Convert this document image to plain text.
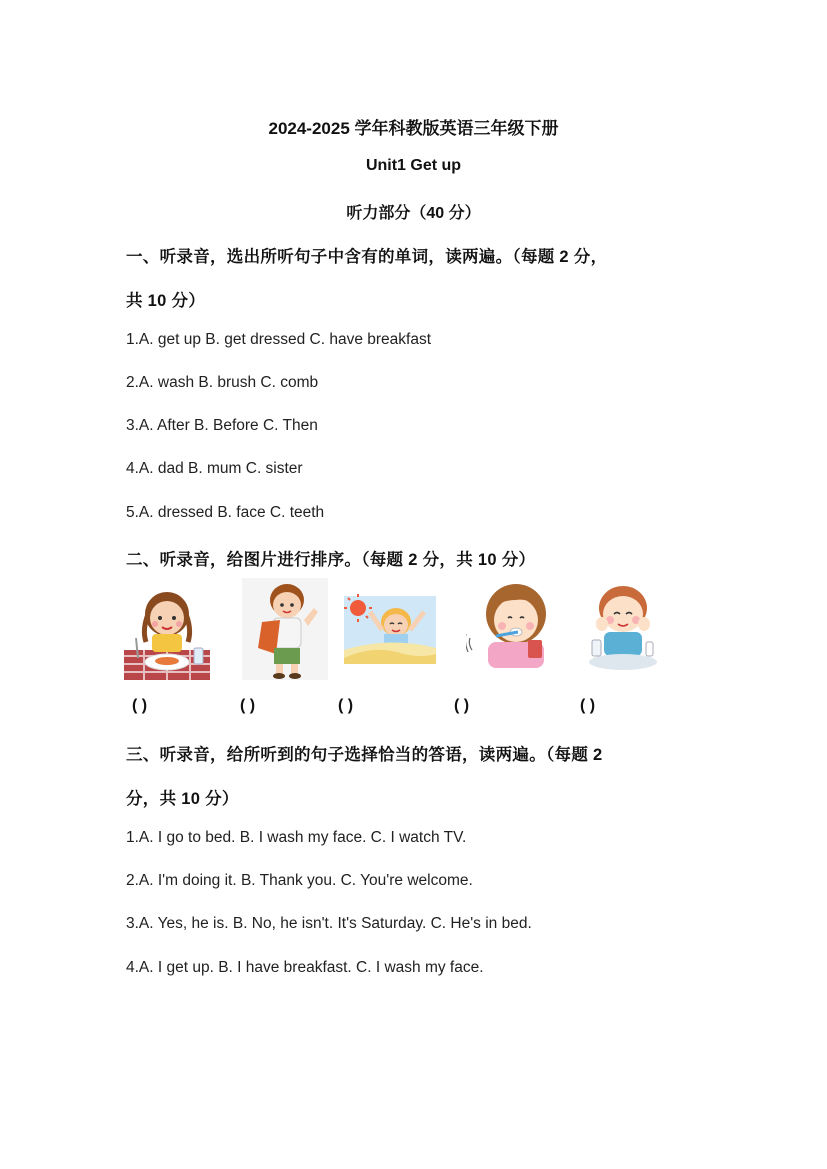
2024-2025 学年科教版英语三年级下册
Unit1 Get up
听力部分（40 分）
一、听录音，选出所听句子中含有的单词，读两遍。（每题 2 分，
共 10 分）
1.A. get up B. get dressed C. have breakfast
2.A. wash B. brush C. comb
3.A. After B. Before C. Then
4.A. dad B. mum C. sister
5.A. dressed B. face C. teeth
二、听录音，给图片进行排序。（每题 2 分，共 10 分）
( )	( )	( )	( )	( )
三、听录音，给所听到的句子选择恰当的答语，读两遍。（每题 2
分，共 10 分）
1.A. I go to bed. B. I wash my face. C. I watch TV.
2.A. I'm doing it. B. Thank you. C. You're welcome.
3.A. Yes, he is. B. No, he isn't. It's Saturday. C. He's in bed.
4.A. I get up. B. I have breakfast. C. I wash my face.
